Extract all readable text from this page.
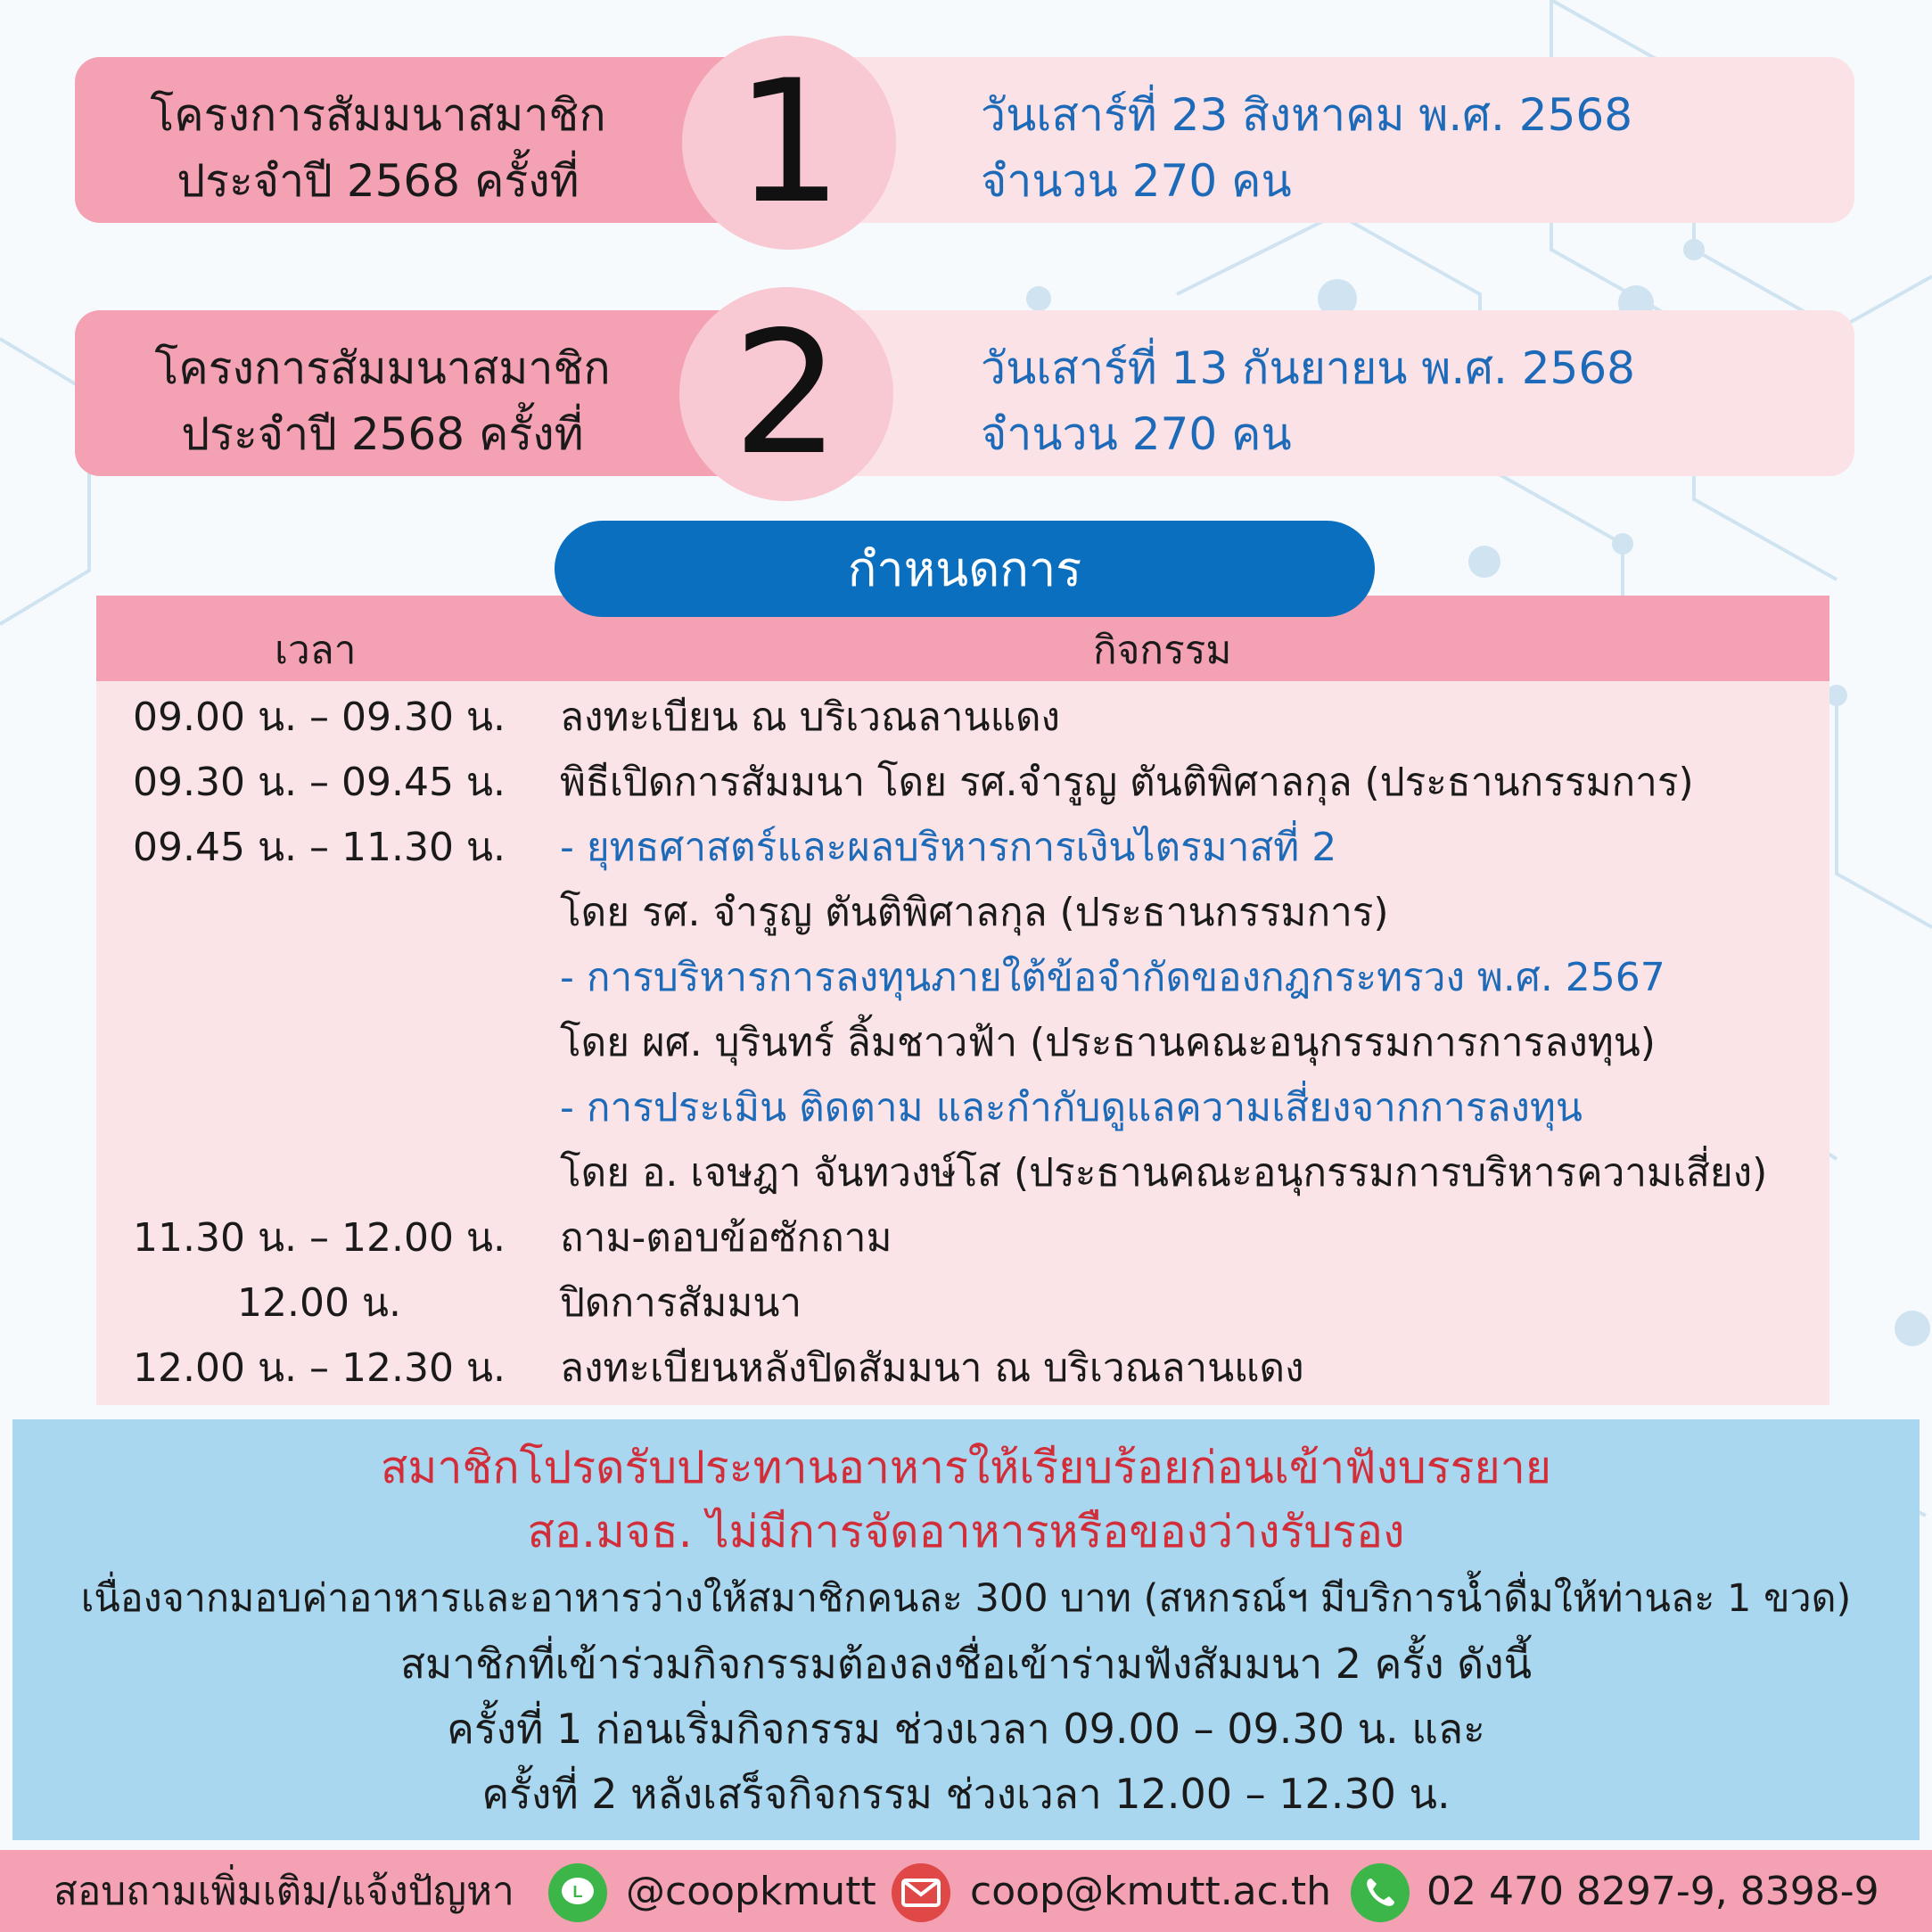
โครงการสัมมนาสมาชิก
ประจำปี 2568 ครั้งที่ 1	วันเสาร์ที่ 23 สิงหาคม พ.ศ. 2568
จำนวน 270 คน
โครงการสัมมนาสมาชิก
ประจำปี 2568 ครั้งที่ 2	วันเสาร์ที่ 13 กันยายน พ.ศ. 2568
จำนวน 270 คน
กำหนดการ
เวลา	กิจกรรม
09.00 น. – 09.30 น.	ลงทะเบียน ณ บริเวณลานแดง
09.30 น. – 09.45 น.	พิธีเปิดการสัมมนา โดย รศ.จำรูญ ตันติพิศาลกุล (ประธานกรรมการ)
09.45 น. – 11.30 น.	- ยุทธศาสตร์และผลบริหารการเงินไตรมาสที่ 2
โดย รศ. จำรูญ ตันติพิศาลกุล (ประธานกรรมการ)
- การบริหารการลงทุนภายใต้ข้อจำกัดของกฎกระทรวง พ.ศ. 2567
โดย ผศ. บุรินทร์ ลิ้มชาวฟ้า (ประธานคณะอนุกรรมการการลงทุน)
- การประเมิน ติดตาม และกำกับดูแลความเสี่ยงจากการลงทุน
โดย อ. เจษฎา จันทวงษ์โส (ประธานคณะอนุกรรมการบริหารความเสี่ยง)
11.30 น. – 12.00 น.	ถาม-ตอบข้อซักถาม
12.00 น.	ปิดการสัมมนา
12.00 น. – 12.30 น.	ลงทะเบียนหลังปิดสัมมนา ณ บริเวณลานแดง
สมาชิกโปรดรับประทานอาหารให้เรียบร้อยก่อนเข้าฟังบรรยาย
สอ.มจธ. ไม่มีการจัดอาหารหรือของว่างรับรอง
เนื่องจากมอบค่าอาหารและอาหารว่างให้สมาชิกคนละ 300 บาท (สหกรณ์ฯ มีบริการน้ำดื่มให้ท่านละ 1 ขวด)
สมาชิกที่เข้าร่วมกิจกรรมต้องลงชื่อเข้าร่ามฟังสัมมนา 2 ครั้ง ดังนี้
ครั้งที่ 1 ก่อนเริ่มกิจกรรม ช่วงเวลา 09.00 – 09.30 น. และ
ครั้งที่ 2 หลังเสร็จกิจกรรม ช่วงเวลา 12.00 – 12.30 น.
สอบถามเพิ่มเติม/แจ้งปัญหา	L @coopkmutt coop@kmutt.ac.th 02 470 8297-9, 8398-9
